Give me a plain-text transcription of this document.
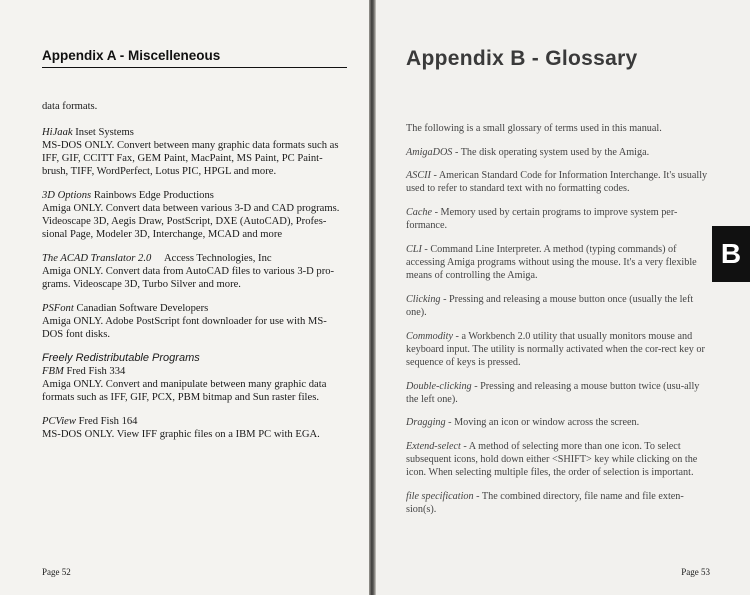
Appendix A - Miscelleneous

data formats.

HiJaak Inset Systems
MS-DOS ONLY. Convert between many graphic data formats such as
IFF, GIF, CCITT Fax, GEM Paint, MacPaint, MS Paint, PC Paint-
brush, TIFF, WordPerfect, Lotus PIC, HPGL and more.
3D Options Rainbows Edge Productions
Amiga ONLY. Convert data between various 3-D and CAD programs.
Videoscape 3D, Aegis Draw, PostScript, DXE (AutoCAD), Profes-
sional Page, Modeler 3D, Interchange, MCAD and more
The ACAD Translator 2.0     Access Technologies, Inc
Amiga ONLY. Convert data from AutoCAD files to various 3-D pro-
grams. Videoscape 3D, Turbo Silver and more.
PSFont Canadian Software Developers
Amiga ONLY. Adobe PostScript font downloader for use with MS-
DOS font disks.
Freely Redistributable Programs
FBM Fred Fish 334
Amiga ONLY. Convert and manipulate between many graphic data
formats such as IFF, GIF, PCX, PBM bitmap and Sun raster files.
PCView Fred Fish 164
MS-DOS ONLY. View IFF graphic files on a IBM PC with EGA.
Page 52
Appendix B - Glossary

The following is a small glossary of terms used in this manual.

AmigaDOS - The disk operating system used by the Amiga.

ASCII - American Standard Code for Information Interchange. It's usually used to refer to standard text with no formatting codes.

Cache - Memory used by certain programs to improve system per-formance.

CLI - Command Line Interpreter. A method (typing commands) of accessing Amiga programs without using the mouse. It's a very flexible means of controlling the Amiga.

Clicking - Pressing and releasing a mouse button once (usually the left one).

Commodity - a Workbench 2.0 utility that usually monitors mouse and keyboard input. The utility is normally activated when the cor-rect key or sequence of keys is pressed.

Double-clicking - Pressing and releasing a mouse button twice (usu-ally the left one).

Dragging - Moving an icon or window across the screen.

Extend-select - A method of selecting more than one icon. To select subsequent icons, hold down either <SHIFT> key while clicking on the icon. When selecting multiple files, the order of selection is important.

file specification - The combined directory, file name and file exten-sion(s).

B
Page 53
